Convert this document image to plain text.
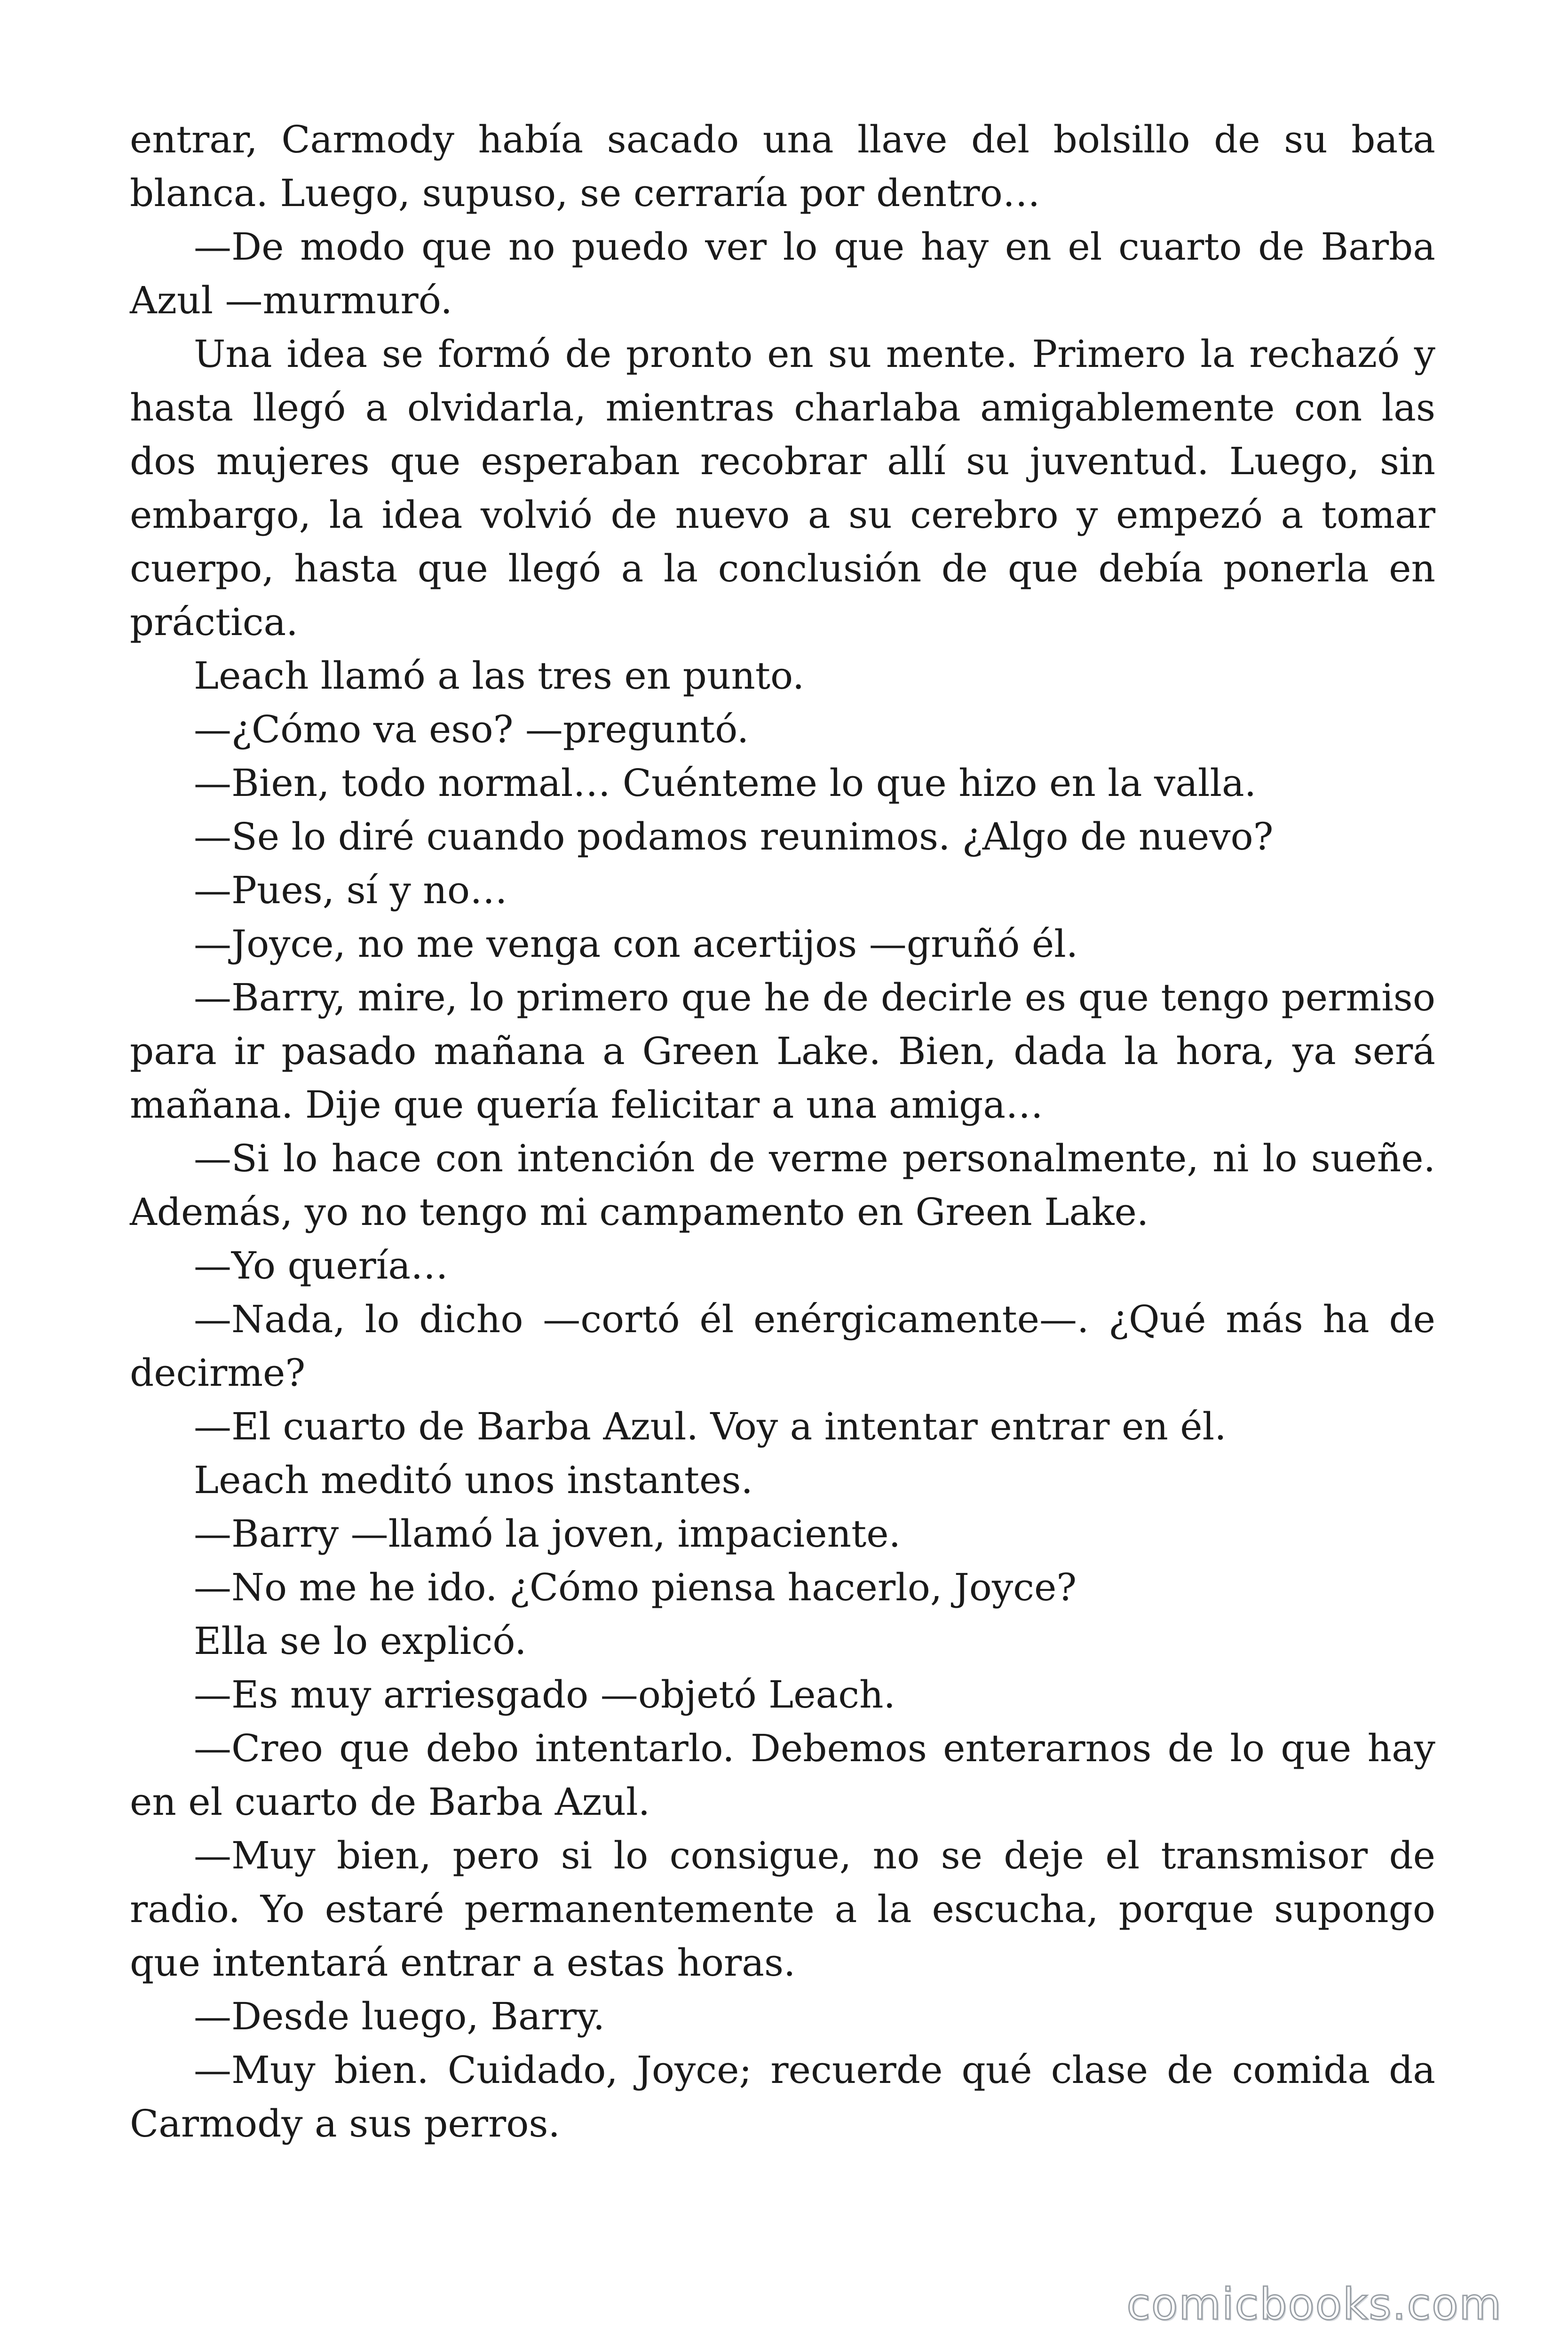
entrar, Carmody había sacado una llave del bolsillo de su bata blanca. Luego, supuso, se cerraría por dentro…

—De modo que no puedo ver lo que hay en el cuarto de Barba Azul —murmuró.

Una idea se formó de pronto en su mente. Primero la rechazó y hasta llegó a olvidarla, mientras charlaba amigablemente con las dos mujeres que esperaban recobrar allí su juventud. Luego, sin embargo, la idea volvió de nuevo a su cerebro y empezó a tomar cuerpo, hasta que llegó a la conclusión de que debía ponerla en práctica.

Leach llamó a las tres en punto.

—¿Cómo va eso? —preguntó.

—Bien, todo normal… Cuénteme lo que hizo en la valla.

—Se lo diré cuando podamos reunimos. ¿Algo de nuevo?

—Pues, sí y no…

—Joyce, no me venga con acertijos —gruñó él.

—Barry, mire, lo primero que he de decirle es que tengo permiso para ir pasado mañana a Green Lake. Bien, dada la hora, ya será mañana. Dije que quería felicitar a una amiga…

—Si lo hace con intención de verme personalmente, ni lo sueñe. Además, yo no tengo mi campamento en Green Lake.

—Yo quería…

—Nada, lo dicho —cortó él enérgicamente—. ¿Qué más ha de decirme?

—El cuarto de Barba Azul. Voy a intentar entrar en él.

Leach meditó unos instantes.

—Barry —llamó la joven, impaciente.

—No me he ido. ¿Cómo piensa hacerlo, Joyce?

Ella se lo explicó.

—Es muy arriesgado —objetó Leach.

—Creo que debo intentarlo. Debemos enterarnos de lo que hay en el cuarto de Barba Azul.

—Muy bien, pero si lo consigue, no se deje el transmisor de radio. Yo estaré permanentemente a la escucha, porque supongo que intentará entrar a estas horas.

—Desde luego, Barry.

—Muy bien. Cuidado, Joyce; recuerde qué clase de comida da Carmody a sus perros.

comicbooks.com
